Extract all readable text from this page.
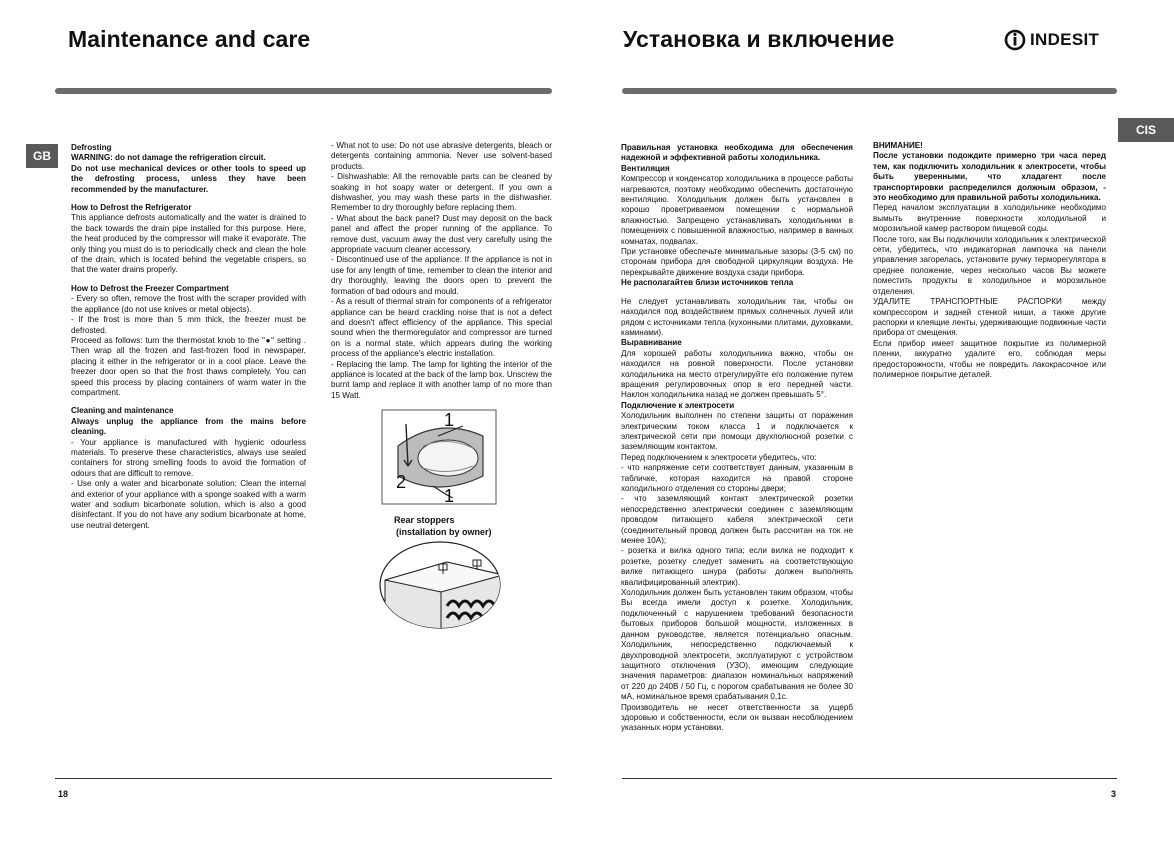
Maintenance and care
GB

Defrosting

WARNING: do not damage the refrigeration circuit.

Do not use mechanical devices or other tools to speed up the defrosting process, unless they have been recommended by the manufacturer.

How to Defrost the Refrigerator

This appliance defrosts automatically and the water is drained to the back towards the drain pipe installed for this purpose. Here, the heat produced by the compressor will make it evaporate. The only thing you must do is to periodically check and clean the hole of the drain, which is located behind the vegetable crispers, so that the water drains properly.

How to Defrost the Freezer Compartment

- Every so often, remove the frost with the scraper provided with the appliance (do not use knives or metal objects).

- If the frost is more than 5 mm thick, the freezer must be defrosted.

Proceed as follows: turn the thermostat knob to the "●" setting . Then wrap all the frozen and fast-frozen food in newspaper, placing it either in the refrigerator or in a cool place. Leave the freezer door open so that the frost thaws completely. You can speed this process by placing containers of warm water in the compartment.

Cleaning and maintenance

Always unplug the appliance from the mains before cleaning.

- Your appliance is manufactured with hygienic odourless materials. To preserve these characteristics, always use sealed containers for strong smelling foods to avoid the formation of odours that are difficult to remove.

- Use only a water and bicarbonate solution: Clean the internal and exterior of your appliance with a sponge soaked with a warm water and sodium bicarbonate solution, which is also a good disinfectant. If you do not have any sodium bicarbonate at home, use neutral detergent.

- What not to use: Do not use abrasive detergents, bleach or detergents containing ammonia. Never use solvent-based products.

- Dishwashable: All the removable parts can be cleaned by soaking in hot soapy water or detergent. If you own a dishwasher, you may wash these parts in the dishwasher. Remember to dry thoroughly before replacing them.

- What about the back panel? Dust may deposit on the back panel and affect the proper running of the appliance. To remove dust, vacuum away the dust very carefully using the appropriate vacuum cleaner accessory.

- Discontinued use of the appliance: If the appliance is not in use for any length of time, remember to clean the interior and dry thoroughly, leaving the doors open to prevent the formation of bad odours and mould.

- As a result of thermal strain for components of a refrigerator appliance can be heard crackling noise that is not a defect and doesn't affect efficiency of the appliance. This special sound when the thermoregulator and compressor are turned on is a normal state, which appears during the working process of the appliance's electric installation.

- Replacing the lamp. The lamp for lighting the interior of the appliance is located at the back of the lamp box. Unscrew the burnt lamp and replace it with another lamp of no more than 15 Watt.

1
2
1
Rear stoppers
(installation by owner)
18
Установка и включение	INDESIT
CIS

Правильная установка необходима для обеспечения надежной и эффективной работы холодильника.

Вентиляция

Компрессор и конденсатор холодильника в процессе работы нагреваются, поэтому необходимо обеспечить достаточную вентиляцию. Холодильник должен быть установлен в хорошо проветриваемом помещении с нормальной влажностью. Запрещено устанавливать холодильники в помещениях с повышенной влажностью, например в ванных комнатах, подвалах.

При установке обеспечьте минимальные зазоры (3-5 см) по сторонам прибора для свободной циркуляции воздуха. Не перекрывайте движение воздуха сзади прибора.

Не располагайтев близи источников тепла

Не следует устанавливать холодильник так, чтобы он находился под воздействием прямых солнечных лучей или рядом с источниками тепла (кухонными плитами, духовками, каминами).

Выравнивание

Для хорошей работы холодильника важно, чтобы он находился на ровной поверхности. После установки холодильника на место отрегулируйте его положение путем вращения регулировочных опор в его передней части. Наклон холодильника назад не должен превышать 5°.

Подключение к электросети

Холодильник выполнен по степени защиты от поражения электрическим током класса 1 и подключается к электрической сети при помощи двухполюсной розетки с заземляющим контактом.

Перед подключением к электросети убедитесь, что:

- что напряжение сети соответствует данным, указанным в табличке, которая находится на правой стороне холодильного отделения со стороны двери;

- что заземляющий контакт электрической розетки непосредственно электрически соединен с заземляющим проводом питающего кабеля электрической сети (соединительный провод должен быть рассчитан на ток не менее 10А);

- розетка и вилка одного типа; если вилка не подходит к розетке, розетку следует заменить на соответствующую вилке питающего шнура (работы должен выполнять квалифицированный электрик).

Холодильник должен быть установлен таким образом, чтобы Вы всегда имели доступ к розетке. Холодильник, подключенный с нарушением требований безопасности бытовых приборов большой мощности, изложенных в данном руководстве, является потенциально опасным. Холодильник, непосредственно подключаемый к двухпроводной электросети, эксплуатируют с устройством защитного отключения (УЗО), имеющим следующие значения параметров: диапазон номинальных напряжений от 220 до 240В / 50 Гц, с порогом срабатывания не более 30 мА, номинальное время срабатывания 0,1с.

Производитель не несет ответственности за ущерб здоровью и собственности, если он вызван несоблюдением указанных норм установки.

ВНИМАНИЕ!

После установки подождите примерно три часа перед тем, как подключить холодильник к электросети, чтобы быть уверенными, что хладагент после транспортировки распределился должным образом, - это необходимо для правильной работы холодильника.

Перед началом эксплуатации в холодильнике необходимо вымыть внутренние поверхности холодильной и морозильной камер раствором пищевой соды.

После того, как Вы подключили холодильник к электрической сети, убедитесь, что индикаторная лампочка на панели управления загорелась, установите ручку терморегулятора в среднее положение, через несколько часов Вы можете поместить продукты в холодильное и морозильное отделения.

УДАЛИТЕ ТРАНСПОРТНЫЕ РАСПОРКИ между компрессором и задней стенкой ниши, а также другие распорки и клеящие ленты, удерживающие подвижные части прибора от смещения.

Если прибор имеет защитное покрытие из полимерной пленки, аккуратно удалите его, соблюдая меры предосторожности, чтобы не повредить лакокрасочное или полимерное покрытие деталей.

3
